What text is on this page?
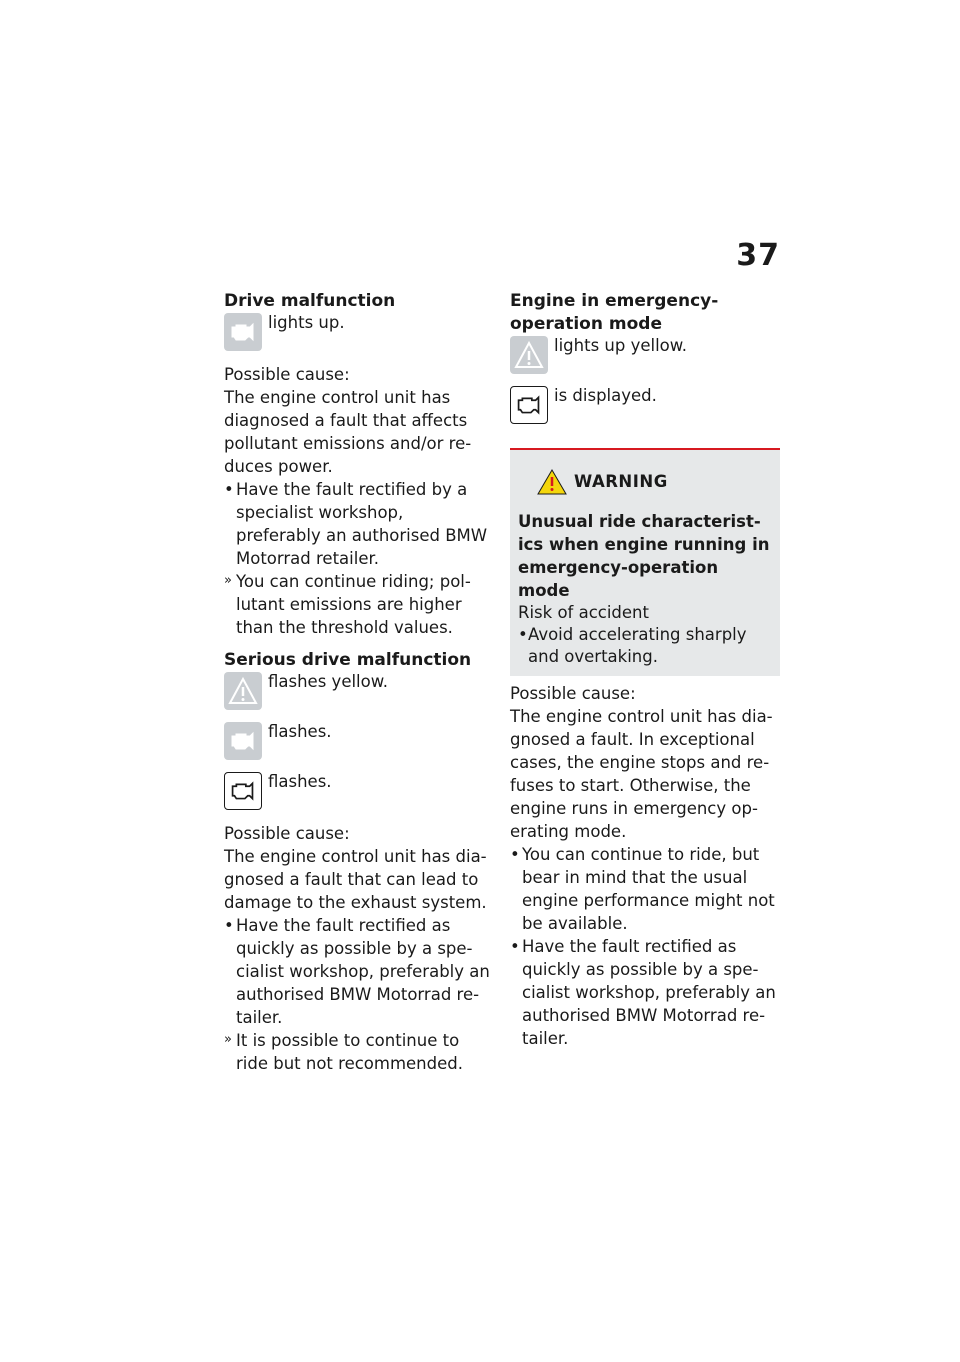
37

Drive malfunction

lights up.

Possible cause:

The engine control unit has diagnosed a fault that affects pollutant emissions and/or re-duces power.

• Have the fault rectified by a specialist workshop, preferably an authorised BMW Motorrad retailer.
» You can continue riding; pol-lutant emissions are higher than the threshold values.

Serious drive malfunction

flashes yellow.
flashes.
flashes.

Possible cause:

The engine control unit has dia-gnosed a fault that can lead to damage to the exhaust system.

• Have the fault rectified as quickly as possible by a spe-cialist workshop, preferably an authorised BMW Motorrad re-tailer.
» It is possible to continue to ride but not recommended.

Engine in emergency-operation mode

lights up yellow.
is displayed.
WARNING
Unusual ride characterist-ics when engine running in emergency-operation mode
Risk of accident
• Avoid accelerating sharply and overtaking.

Possible cause:

The engine control unit has dia-gnosed a fault. In exceptional cases, the engine stops and re-fuses to start. Otherwise, the engine runs in emergency op-erating mode.

• You can continue to ride, but bear in mind that the usual engine performance might not be available.
• Have the fault rectified as quickly as possible by a spe-cialist workshop, preferably an authorised BMW Motorrad re-tailer.
